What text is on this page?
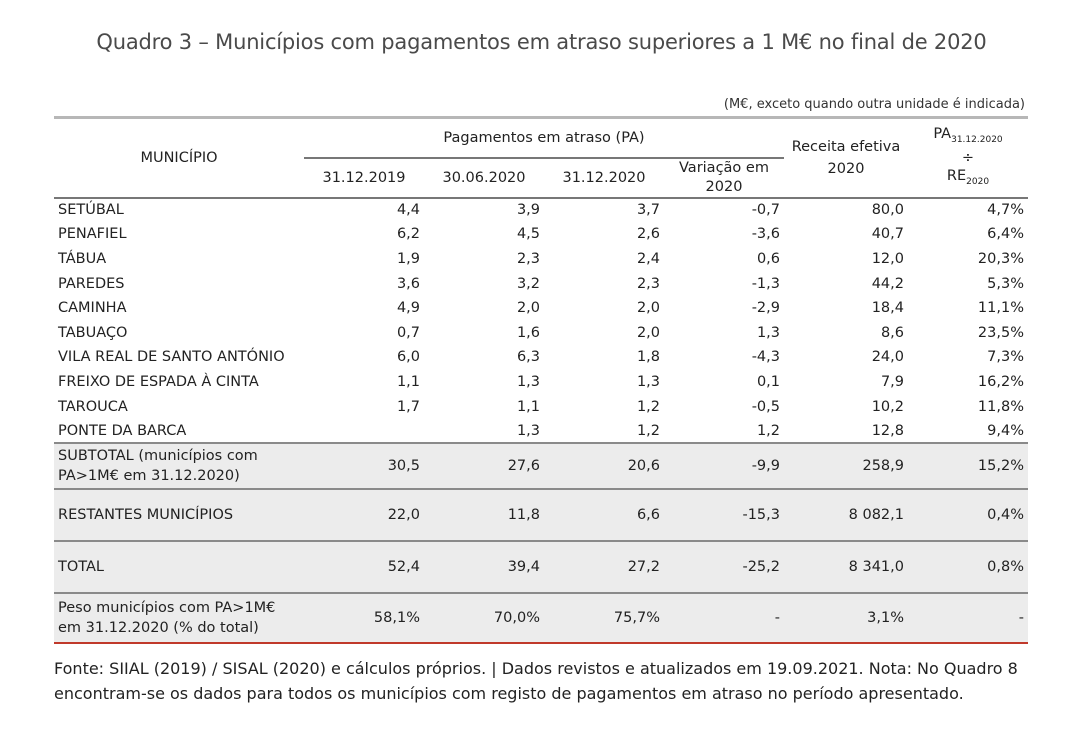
Quadro 3 – Municípios com pagamentos em atraso superiores a 1 M€ no final de 2020
(M€, exceto quando outra unidade é indicada)
MUNICÍPIO	Pagamentos em atraso (PA)				Receita efetiva 2020	$PA_{31.12.2020}$
÷
$RE_{2020}$

	31.12.2019	30.06.2020	31.12.2020	Variação em 2020		

SETÚBAL	4,4	3,9	3,7	-0,7	80,0	4,7%
PENAFIEL	6,2	4,5	2,6	-3,6	40,7	6,4%
TÁBUA	1,9	2,3	2,4	0,6	12,0	20,3%
PAREDES	3,6	3,2	2,3	-1,3	44,2	5,3%
CAMINHA	4,9	2,0	2,0	-2,9	18,4	11,1%
TABUAÇO	0,7	1,6	2,0	1,3	8,6	23,5%
VILA REAL DE SANTO ANTÓNIO	6,0	6,3	1,8	-4,3	24,0	7,3%
FREIXO DE ESPADA À CINTA	1,1	1,3	1,3	0,1	7,9	16,2%
TAROUCA	1,7	1,1	1,2	-0,5	10,2	11,8%
PONTE DA BARCA		1,3	1,2	1,2	12,8	9,4%

SUBTOTAL (municípios com
PA>1M€ em 31.12.2020)	30,5	27,6	20,6	-9,9	258,9	15,2%
RESTANTES MUNICÍPIOS	22,0	11,8	6,6	-15,3	8 082,1	0,4%
TOTAL	52,4	39,4	27,2	-25,2	8 341,0	0,8%

Peso municípios com PA>1M€
em 31.12.2020 (% do total)	58,1%	70,0%	75,7%	-	3,1%	-
Fonte: SIIAL (2019) / SISAL (2020) e cálculos próprios. | Dados revistos e atualizados em 19.09.2021. Nota: No Quadro 8 encontram-se os dados para todos os municípios com registo de pagamentos em atraso no período apresentado.
